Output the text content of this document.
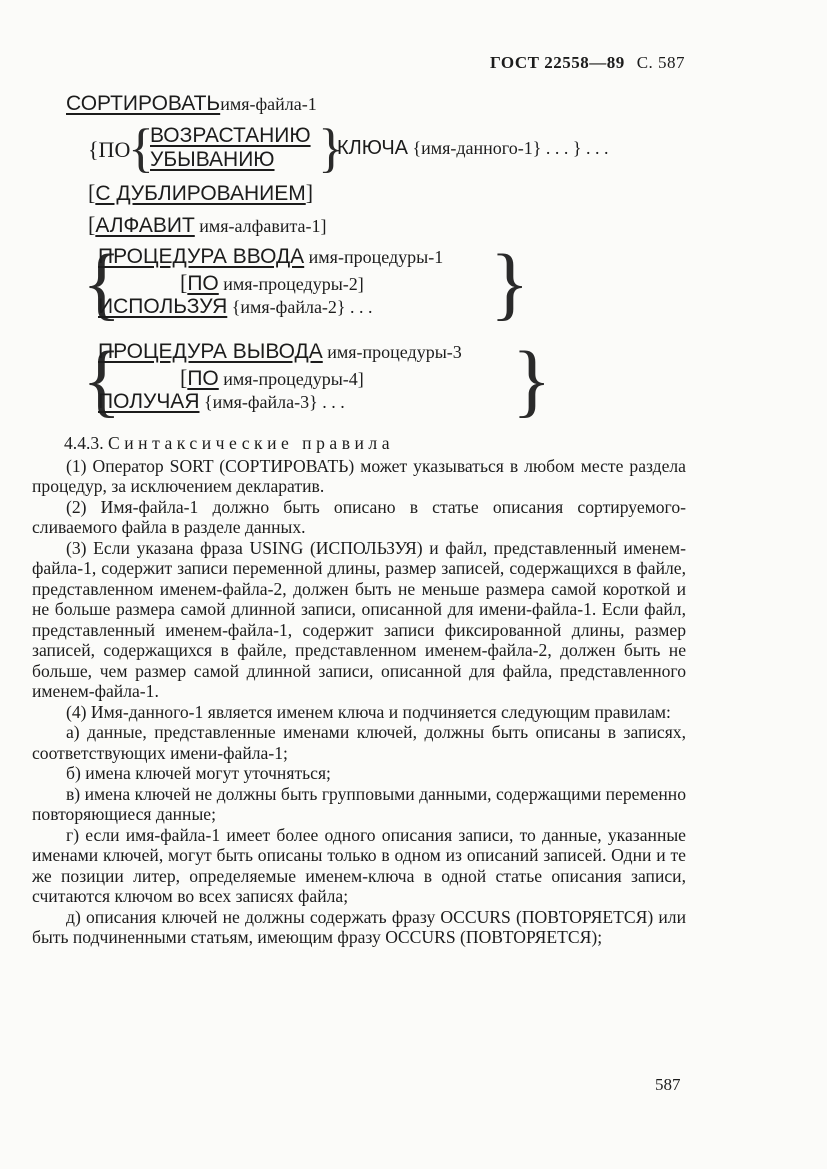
ГОСТ 22558—89 С. 587
СОРТИРОВАТЬимя-файла-1
{ПО
{
ВОЗРАСТАНИЮ
УБЫВАНИЮ }
КЛЮЧА {имя-данного-1} . . . } . . .
[С ДУБЛИРОВАНИЕМ]
[АЛФАВИТ имя-алфавита-1]
{
ПРОЦЕДУРА ВВОДА имя-процедуры-1
[ПО имя-процедуры-2]
ИСПОЛЬЗУЯ {имя-файла-2} . . . }
{
ПРОЦЕДУРА ВЫВОДА имя-процедуры-3
[ПО имя-процедуры-4]
ПОЛУЧАЯ {имя-файла-3} . . . }

4.4.3. Синтаксические правила

(1) Оператор SORT (СОРТИРОВАТЬ) может указываться в любом месте раздела процедур, за исключением декларатив.

(2) Имя-файла-1 должно быть описано в статье описания сортируемого-сливаемого файла в разделе данных.

(3) Если указана фраза USING (ИСПОЛЬЗУЯ) и файл, представленный именем-файла-1, содержит записи переменной длины, размер записей, содержащихся в файле, представленном именем-файла-2, должен быть не меньше размера самой короткой и не больше размера самой длинной записи, описанной для имени-файла-1. Если файл, представленный именем-файла-1, содержит записи фиксированной длины, размер записей, содержащихся в файле, представленном именем-файла-2, должен быть не больше, чем размер самой длинной записи, описанной для файла, представленного именем-файла-1.

(4) Имя-данного-1 является именем ключа и подчиняется следующим правилам:

а) данные, представленные именами ключей, должны быть описаны в записях, соответствующих имени-файла-1;

б) имена ключей могут уточняться;

в) имена ключей не должны быть групповыми данными, содержащими переменно повторяющиеся данные;

г) если имя-файла-1 имеет более одного описания записи, то данные, указанные именами ключей, могут быть описаны только в одном из описаний записей. Одни и те же позиции литер, определяемые именем-ключа в одной статье описания записи, считаются ключом во всех записях файла;

д) описания ключей не должны содержать фразу OCCURS (ПОВТОРЯЕТСЯ) или быть подчиненными статьям, имеющим фразу OCCURS (ПОВТОРЯЕТСЯ);

587
